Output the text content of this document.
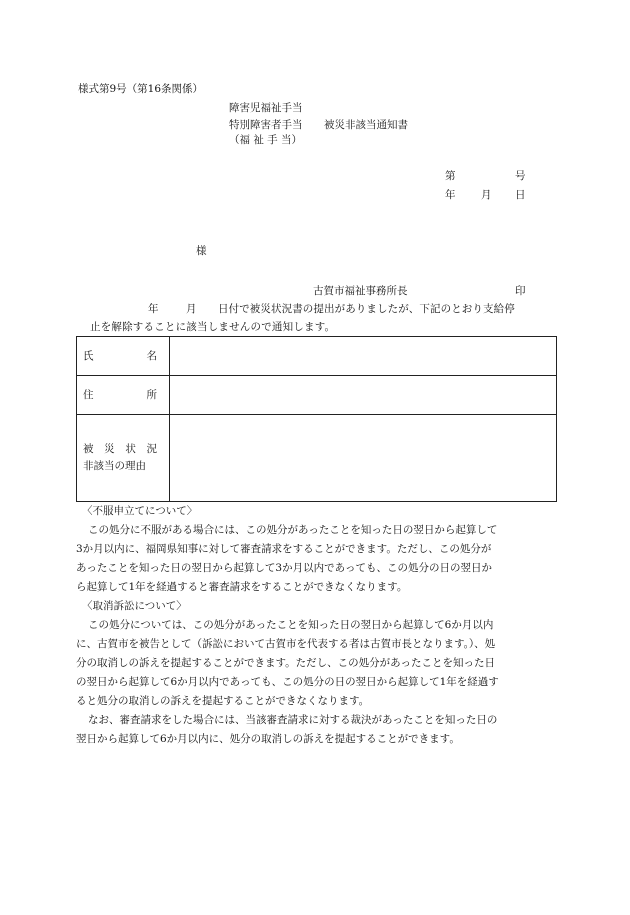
様式第9号（第16条関係）
障害児福祉手当
特別障害者手当
（福 祉 手 当）
被災非該当通知書
第	号
年 月 日
様
古賀市福祉事務所長	印
年	月 日付で被災状況書の提出がありましたが、下記のとおり支給停
止を解除することに該当しませんので通知します。
氏 名	

住 所	

被 災 状 況
非該当の理由	

〈不服申立てについて〉
この処分に不服がある場合には、この処分があったことを知った日の翌日から起算して
3か月以内に、福岡県知事に対して審査請求をすることができます。ただし、この処分が
あったことを知った日の翌日から起算して3か月以内であっても、この処分の日の翌日か
ら起算して1年を経過すると審査請求をすることができなくなります。
〈取消訴訟について〉
この処分については、この処分があったことを知った日の翌日から起算して6か月以内
に、古賀市を被告として（訴訟において古賀市を代表する者は古賀市長となります。）、処
分の取消しの訴えを提起することができます。ただし、この処分があったことを知った日
の翌日から起算して6か月以内であっても、この処分の日の翌日から起算して1年を経過す
ると処分の取消しの訴えを提起することができなくなります。
なお、審査請求をした場合には、当該審査請求に対する裁決があったことを知った日の
翌日から起算して6か月以内に、処分の取消しの訴えを提起することができます。
